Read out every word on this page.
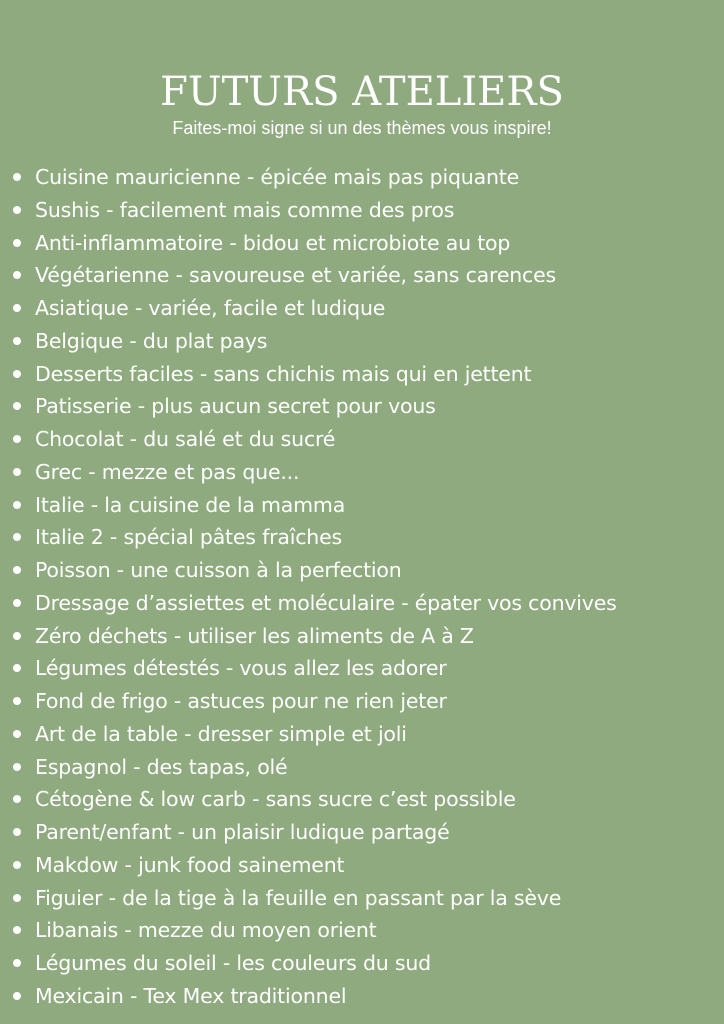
FUTURS ATELIERS

Faites-moi signe si un des thèmes vous inspire!

Cuisine mauricienne - épicée mais pas piquante
Sushis - facilement mais comme des pros
Anti-inflammatoire - bidou et microbiote au top
Végétarienne - savoureuse et variée, sans carences
Asiatique - variée, facile et ludique
Belgique - du plat pays
Desserts faciles - sans chichis mais qui en jettent
Patisserie - plus aucun secret pour vous
Chocolat - du salé et du sucré
Grec - mezze et pas que...
Italie - la cuisine de la mamma
Italie 2 - spécial pâtes fraîches
Poisson - une cuisson à la perfection
Dressage d’assiettes et moléculaire - épater vos convives
Zéro déchets - utiliser les aliments de A à Z
Légumes détestés - vous allez les adorer
Fond de frigo - astuces pour ne rien jeter
Art de la table - dresser simple et joli
Espagnol - des tapas, olé
Cétogène & low carb - sans sucre c’est possible
Parent/enfant - un plaisir ludique partagé
Makdow - junk food sainement
Figuier - de la tige à la feuille en passant par la sève
Libanais - mezze du moyen orient
Légumes du soleil - les couleurs du sud
Mexicain - Tex Mex traditionnel
